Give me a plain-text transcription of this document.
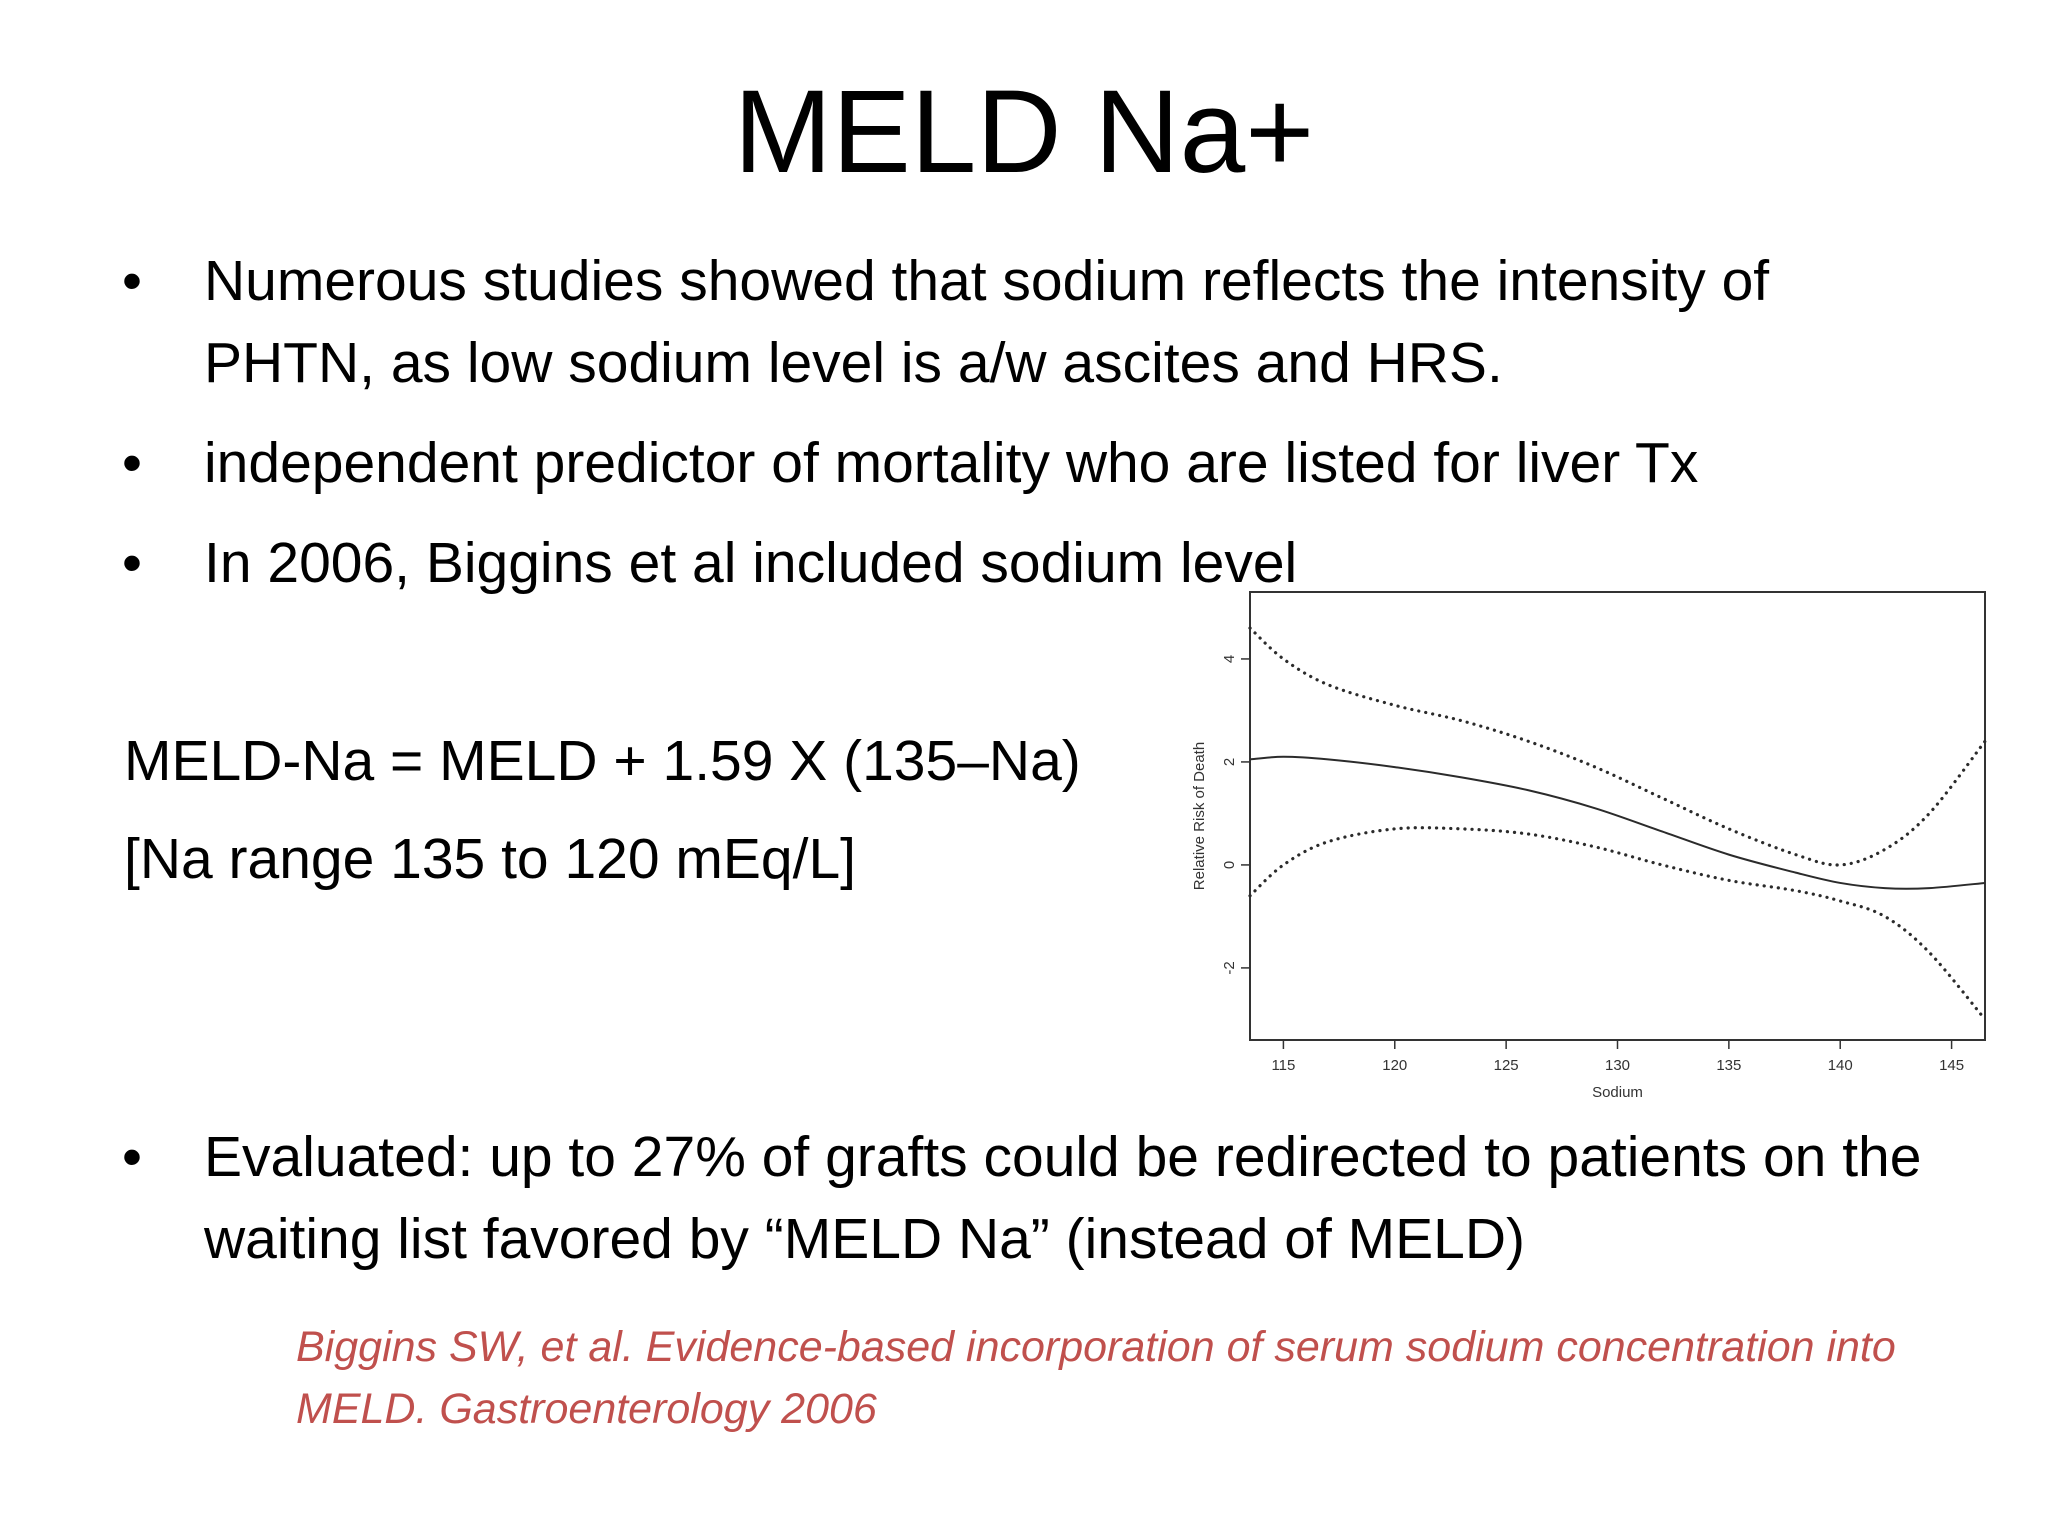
MELD Na+
• Numerous studies showed that sodium reflects the intensity of PHTN, as low sodium level is a/w ascites and HRS.
• independent predictor of mortality who are listed for liver Tx
• In 2006, Biggins et al included sodium level
MELD-Na = MELD + 1.59 X (135–Na)
[Na range 135 to 120 mEq/L]
115	120	125	130	135	140	145
-2
0
2
4
Sodium
Relative Risk of Death
• Evaluated: up to 27% of grafts could be redirected to patients on the waiting list favored by “MELD Na” (instead of MELD)
Biggins SW, et al. Evidence-based incorporation of serum sodium concentration into MELD. Gastroenterology 2006
